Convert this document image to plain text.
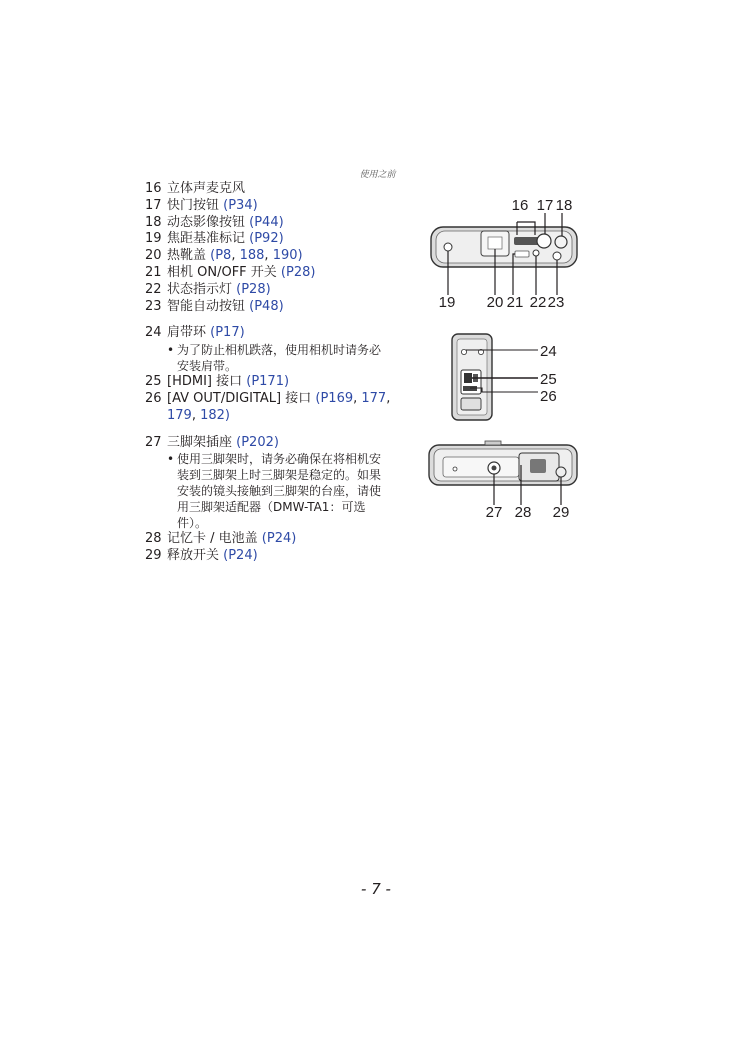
使用之前
16 立体声麦克风
17 快门按钮 (P34)
18 动态影像按钮 (P44)
19 焦距基准标记 (P92)
20 热靴盖 (P8, 188, 190)
21 相机 ON/OFF 开关 (P28)
22 状态指示灯 (P28)
23 智能自动按钮 (P48)
24 肩带环 (P17)
• 为了防止相机跌落，使用相机时请务必安装肩带。
25 [HDMI] 接口 (P171)
26 [AV OUT/DIGITAL] 接口 (P169, 177, 179, 182)
27 三脚架插座 (P202)
• 使用三脚架时，请务必确保在将相机安装到三脚架上时三脚架是稳定的。如果安装的镜头接触到三脚架的台座，请使用三脚架适配器（DMW-TA1：可选件）。
28 记忆卡 / 电池盖 (P24)
29 释放开关 (P24)
16 17 18
19 20 21 22 23
24
25
26
27 28 29
- 7 -
